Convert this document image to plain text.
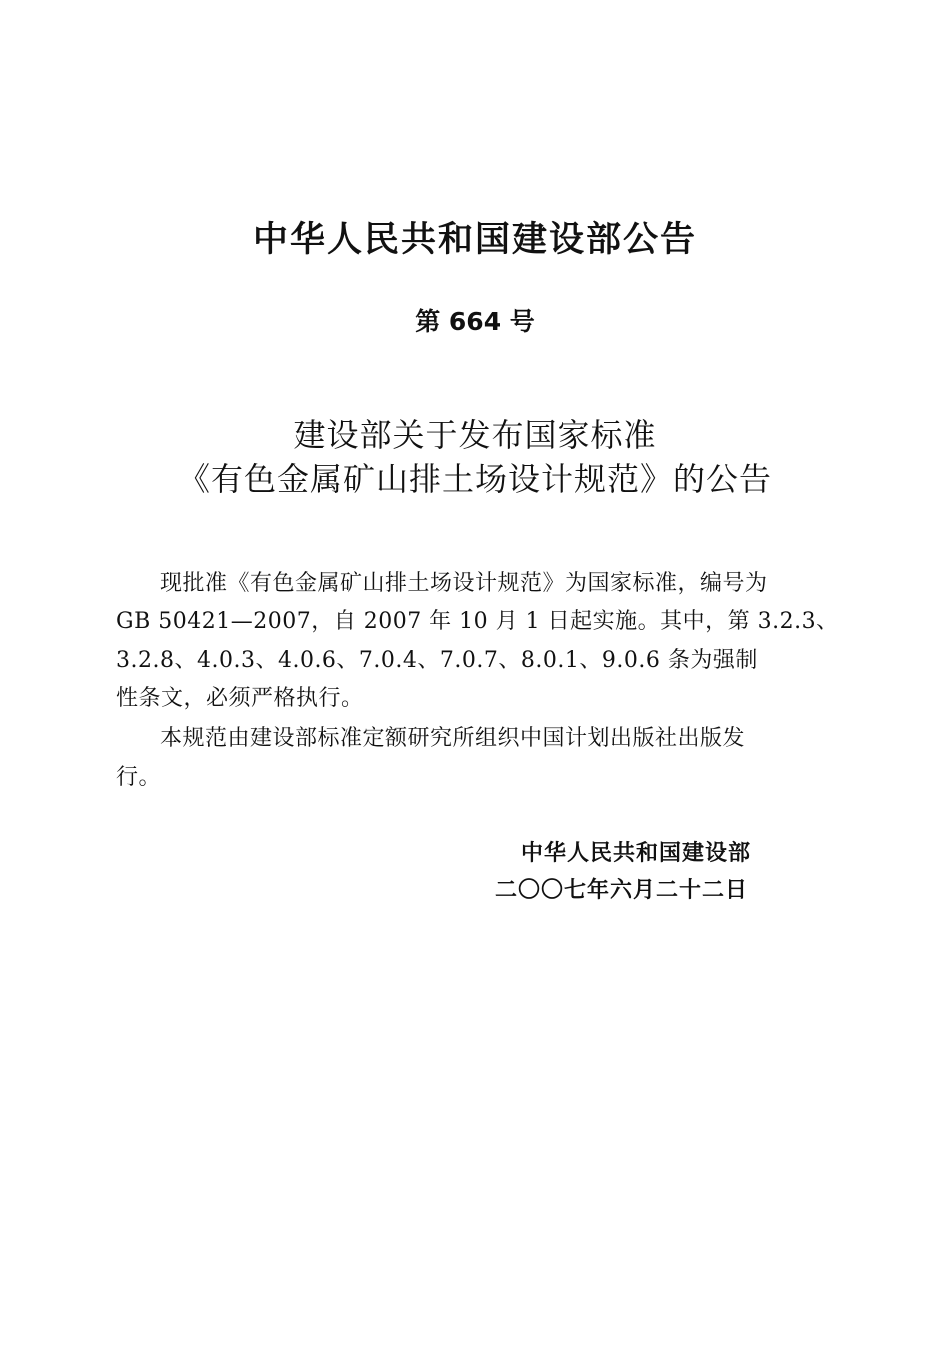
中华人民共和国建设部公告
第 664 号
建设部关于发布国家标准
《有色金属矿山排土场设计规范》的公告
现批准《有色金属矿山排土场设计规范》为国家标准，编号为
GB 50421—2007，自 2007 年 10 月 1 日起实施。其中，第 3.2.3、
3.2.8、4.0.3、4.0.6、7.0.4、7.0.7、8.0.1、9.0.6 条为强制
性条文，必须严格执行。
本规范由建设部标准定额研究所组织中国计划出版社出版发
行。
中华人民共和国建设部
二〇〇七年六月二十二日
